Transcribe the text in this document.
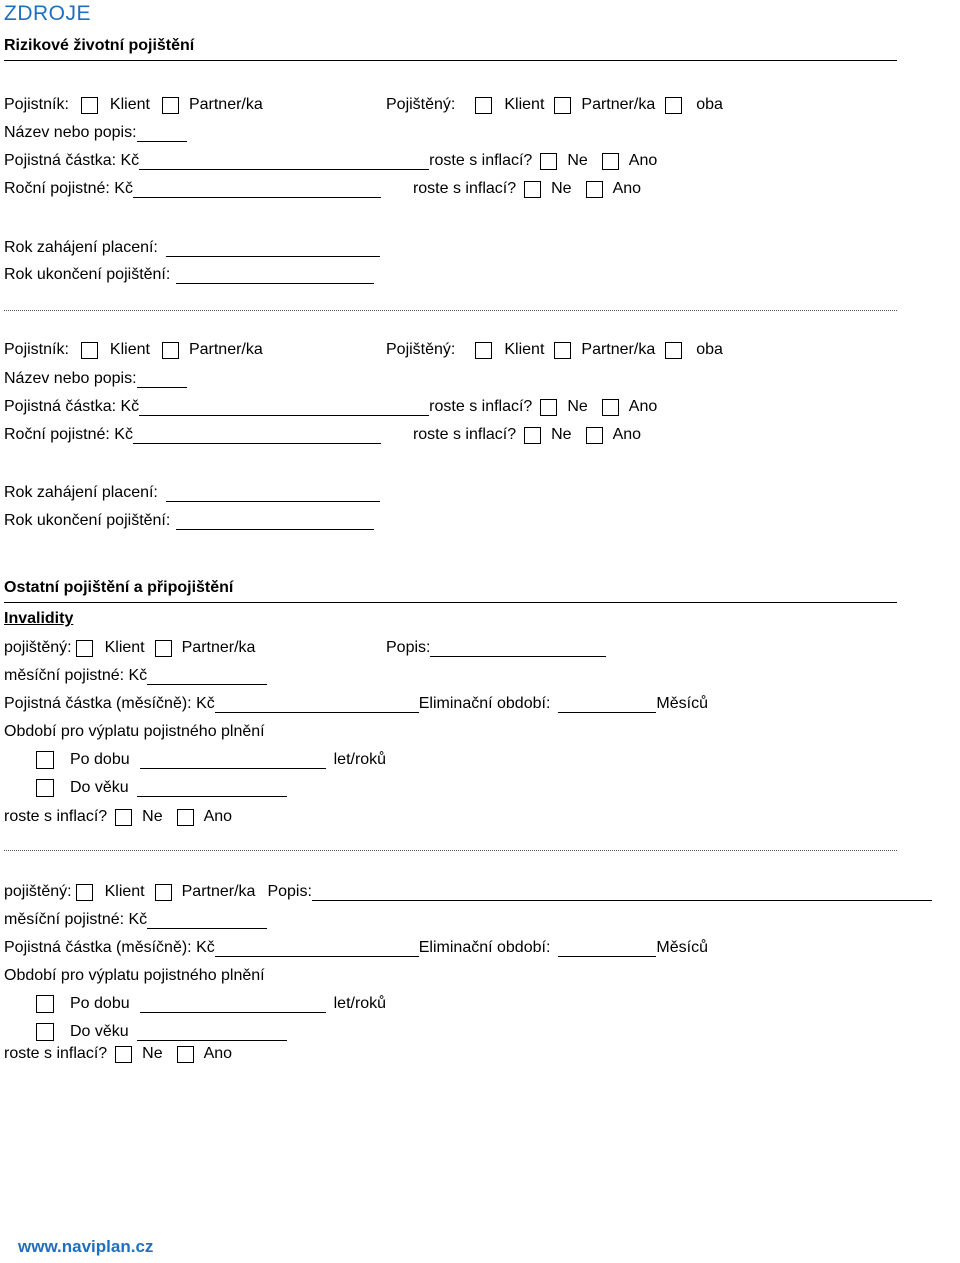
ZDROJE
Rizikové životní pojištění
Pojistník:	Klient Partner/ka	Pojištěný:	Klient Partner/ka	oba
Název nebo popis:
Pojistná částka: Kč	roste s inflací? Ne	Ano
Roční pojistné: Kč	roste s inflací? Ne	Ano
Rok zahájení placení:
Rok ukončení pojištění:
Pojistník:	Klient Partner/ka	Pojištěný:	Klient Partner/ka	oba
Název nebo popis:
Pojistná částka: Kč	roste s inflací? Ne	Ano
Roční pojistné: Kč	roste s inflací? Ne	Ano
Rok zahájení placení:
Rok ukončení pojištění:
Ostatní pojištění a připojištění
Invalidity
pojištěný: Klient Partner/ka	Popis:
měsíční pojistné: Kč
Pojistná částka (měsíčně): Kč	Eliminační období:	Měsíců
Období pro výplatu pojistného plnění
Po dobu	let/roků
Do věku
roste s inflací? Ne	Ano
pojištěný: Klient Partner/ka Popis:
měsíční pojistné: Kč
Pojistná částka (měsíčně): Kč	Eliminační období:	Měsíců
Období pro výplatu pojistného plnění
Po dobu	let/roků
Do věku
roste s inflací? Ne	Ano
www.naviplan.cz
